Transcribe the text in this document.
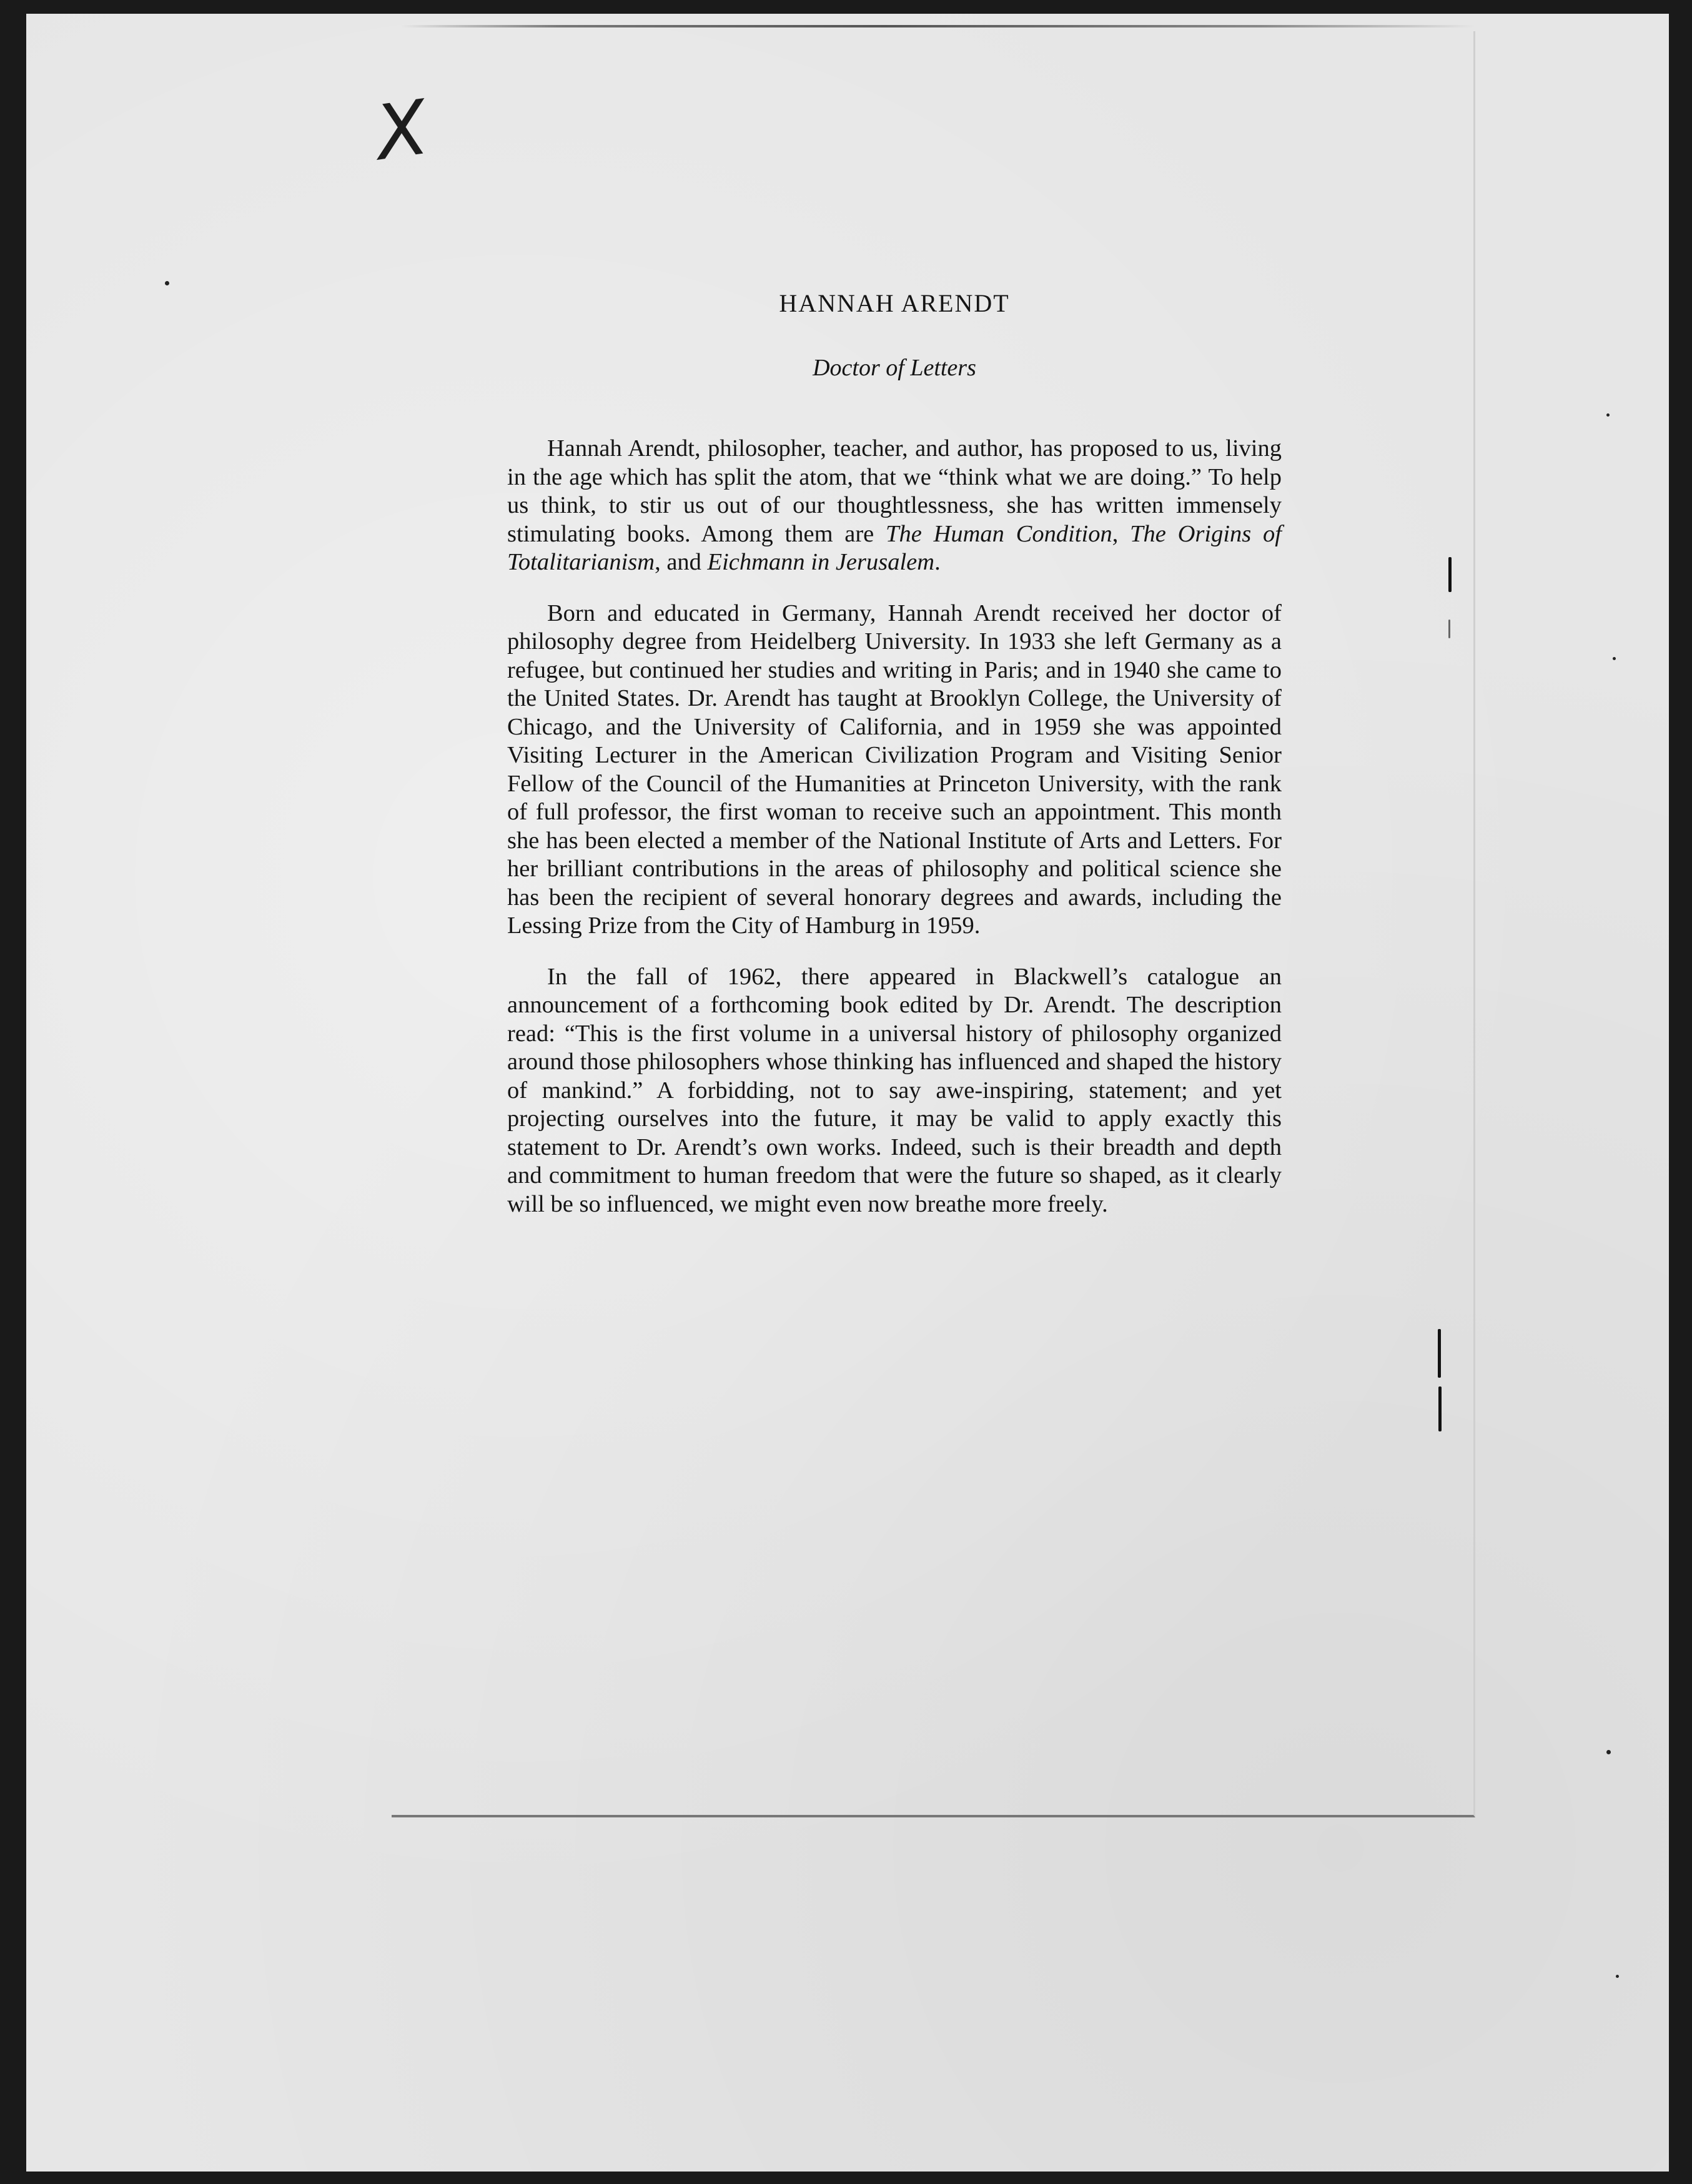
X
HANNAH ARENDT
Doctor of Letters

Hannah Arendt, philosopher, teacher, and author, has proposed to us, living in the age which has split the atom, that we “think what we are doing.” To help us think, to stir us out of our thoughtlessness, she has written immensely stimulating books. Among them are The Human Condition, The Origins of Totalitarianism, and Eichmann in Jerusalem.

Born and educated in Germany, Hannah Arendt received her doctor of philosophy degree from Heidelberg University. In 1933 she left Germany as a refugee, but continued her studies and writing in Paris; and in 1940 she came to the United States. Dr. Arendt has taught at Brooklyn College, the University of Chicago, and the University of California, and in 1959 she was appointed Visiting Lecturer in the American Civilization Program and Visiting Senior Fellow of the Council of the Humanities at Princeton University, with the rank of full professor, the first woman to receive such an appointment. This month she has been elected a member of the National Institute of Arts and Letters. For her brilliant contributions in the areas of philosophy and political science she has been the recipient of several honorary degrees and awards, including the Lessing Prize from the City of Hamburg in 1959.

In the fall of 1962, there appeared in Blackwell’s catalogue an announcement of a forthcoming book edited by Dr. Arendt. The description read: “This is the first volume in a universal history of philosophy organized around those philosophers whose thinking has influenced and shaped the history of mankind.” A forbidding, not to say awe-inspiring, statement; and yet projecting ourselves into the future, it may be valid to apply exactly this statement to Dr. Arendt’s own works. Indeed, such is their breadth and depth and commitment to human freedom that were the future so shaped, as it clearly will be so influenced, we might even now breathe more freely.
